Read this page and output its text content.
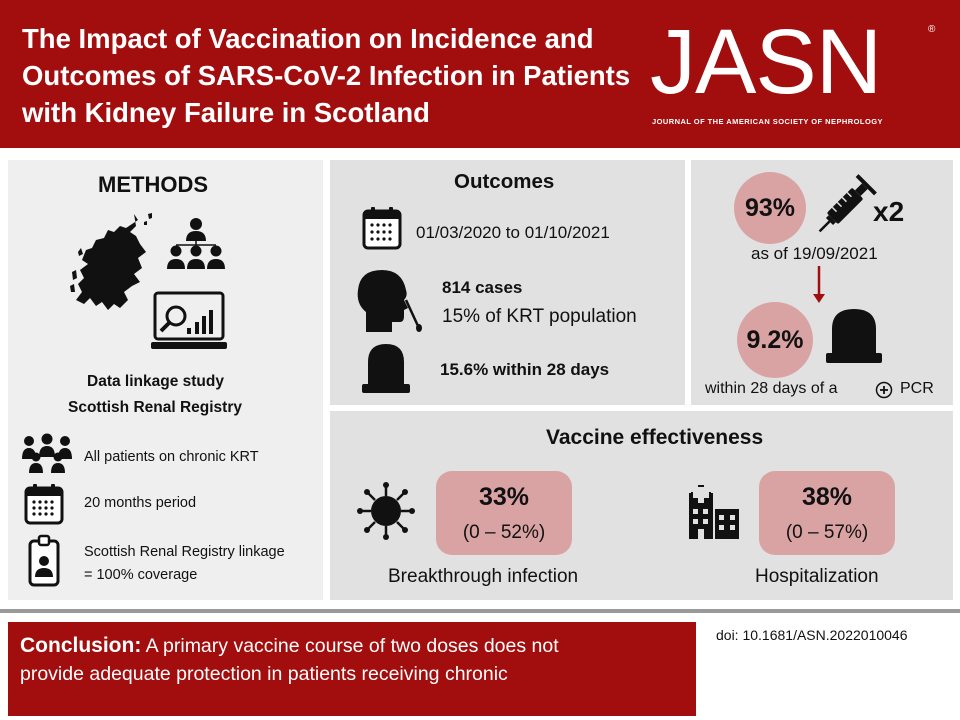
The Impact of Vaccination on Incidence and
Outcomes of SARS-CoV-2 Infection in Patients
with Kidney Failure in Scotland	JASN	®
JOURNAL OF THE AMERICAN SOCIETY OF NEPHROLOGY
METHODS
Data linkage study
Scottish Renal Registry
All patients on chronic KRT
20 months period
Scottish Renal Registry linkage
= 100% coverage
Outcomes
01/03/2020 to 01/10/2021
814 cases
15% of KRT population
15.6% within 28 days
93%	x2
as of 19/09/2021
9.2%
within 28 days of a	PCR
Vaccine effectiveness
33%
(0 – 52%)
Breakthrough infection
38%
(0 – 57%)
Hospitalization
Conclusion: A primary vaccine course of two doses does not
provide adequate protection in patients receiving chronic
doi: 10.1681/ASN.2022010046
